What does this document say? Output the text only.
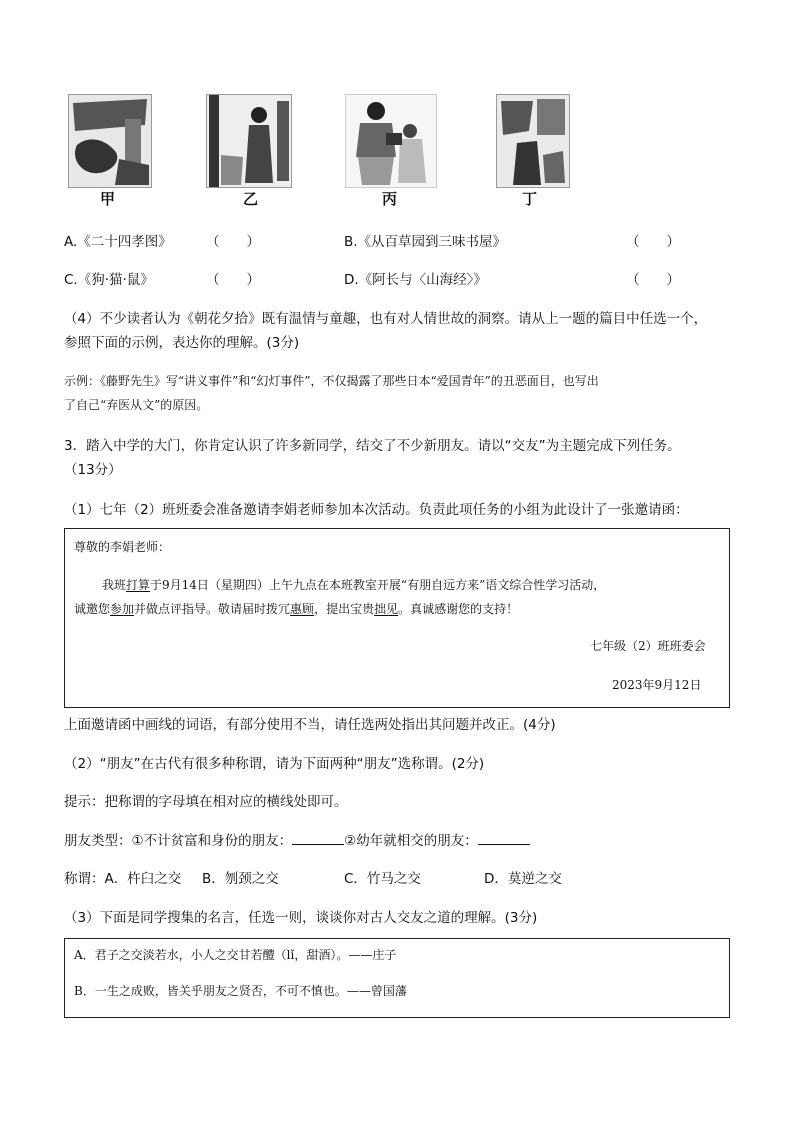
甲	乙	丙	丁
A.《二十四孝图》	（　　）	B.《从百草园到三味书屋》	（　　）
C.《狗·猫·鼠》	（　　）	D.《阿长与〈山海经〉》	（　　）
（4）不少读者认为《朝花夕拾》既有温情与童趣，也有对人情世故的洞察。请从上一题的篇目中任选一个，
参照下面的示例，表达你的理解。(3分)
示例：《藤野先生》写“讲义事件”和“幻灯事件”，不仅揭露了那些日本“爱国青年”的丑恶面目，也写出
了自己“弃医从文”的原因。
3．踏入中学的大门，你肯定认识了许多新同学，结交了不少新朋友。请以“交友”为主题完成下列任务。
（13分）
（1）七年（2）班班委会准备邀请李娟老师参加本次活动。负责此项任务的小组为此设计了一张邀请函：
尊敬的李娟老师：
我班打算于9月14日（星期四）上午九点在本班教室开展“有朋自远方来”语文综合性学习活动，
诚邀您参加并做点评指导。敬请届时拨冗惠顾，提出宝贵拙见。真诚感谢您的支持！
七年级（2）班班委会
2023年9月12日
上面邀请函中画线的词语，有部分使用不当，请任选两处指出其问题并改正。(4分)
（2）“朋友”在古代有很多种称谓，请为下面两种“朋友”选称谓。(2分)
提示：把称谓的字母填在相对应的横线处即可。
朋友类型：①不计贫富和身份的朋友：	②幼年就相交的朋友：
称谓：A．杵臼之交 B．刎颈之交	C．竹马之交	D．莫逆之交
（3）下面是同学搜集的名言，任选一则，谈谈你对古人交友之道的理解。(3分)
A．君子之交淡若水，小人之交甘若醴（lǐ，甜酒）。——庄子
B．一生之成败，皆关乎朋友之贤否，不可不慎也。——曾国藩
